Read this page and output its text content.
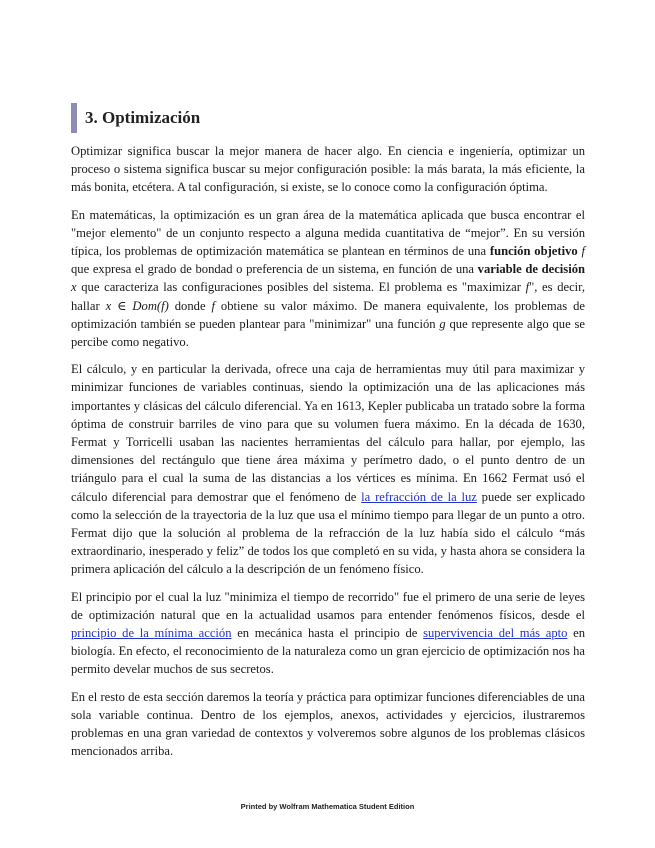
3. Optimización

Optimizar significa buscar la mejor manera de hacer algo. En ciencia e ingeniería, optimizar un proceso o sistema significa buscar su mejor configuración posible: la más barata, la más eficiente, la más bonita, etcétera. A tal configuración, si existe, se lo conoce como la configuración óptima.

En matemáticas, la optimización es un gran área de la matemática aplicada que busca encontrar el "mejor elemento" de un conjunto respecto a alguna medida cuantitativa de “mejor”. En su versión típica, los problemas de optimización matemática se plantean en términos de una función objetivo f que expresa el grado de bondad o preferencia de un sistema, en función de una variable de decisión x que caracteriza las configuraciones posibles del sistema. El problema es "maximizar f", es decir, hallar x ∈ Dom(f) donde f obtiene su valor máximo. De manera equivalente, los problemas de optimización también se pueden plantear para "minimizar" una función g que represente algo que se percibe como negativo.

El cálculo, y en particular la derivada, ofrece una caja de herramientas muy útil para maximizar y minimizar funciones de variables continuas, siendo la optimización una de las aplicaciones más importantes y clásicas del cálculo diferencial. Ya en 1613, Kepler publicaba un tratado sobre la forma óptima de construir barriles de vino para que su volumen fuera máximo. En la década de 1630, Fermat y Torricelli usaban las nacientes herramientas del cálculo para hallar, por ejemplo, las dimensiones del rectángulo que tiene área máxima y perímetro dado, o el punto dentro de un triángulo para el cual la suma de las distancias a los vértices es mínima. En 1662 Fermat usó el cálculo diferencial para demostrar que el fenómeno de la refracción de la luz puede ser explicado como la selección de la trayectoria de la luz que usa el mínimo tiempo para llegar de un punto a otro. Fermat dijo que la solución al problema de la refracción de la luz había sido el cálculo “más extraordinario, inesperado y feliz” de todos los que completó en su vida, y hasta ahora se considera la primera aplicación del cálculo a la descripción de un fenómeno físico.

El principio por el cual la luz "minimiza el tiempo de recorrido" fue el primero de una serie de leyes de optimización natural que en la actualidad usamos para entender fenómenos físicos, desde el principio de la mínima acción en mecánica hasta el principio de supervivencia del más apto en biología. En efecto, el reconocimiento de la naturaleza como un gran ejercicio de optimización nos ha permito develar muchos de sus secretos.

En el resto de esta sección daremos la teoría y práctica para optimizar funciones diferenciables de una sola variable continua. Dentro de los ejemplos, anexos, actividades y ejercicios, ilustraremos problemas en una gran variedad de contextos y volveremos sobre algunos de los problemas clásicos mencionados arriba.

Printed by Wolfram Mathematica Student Edition
